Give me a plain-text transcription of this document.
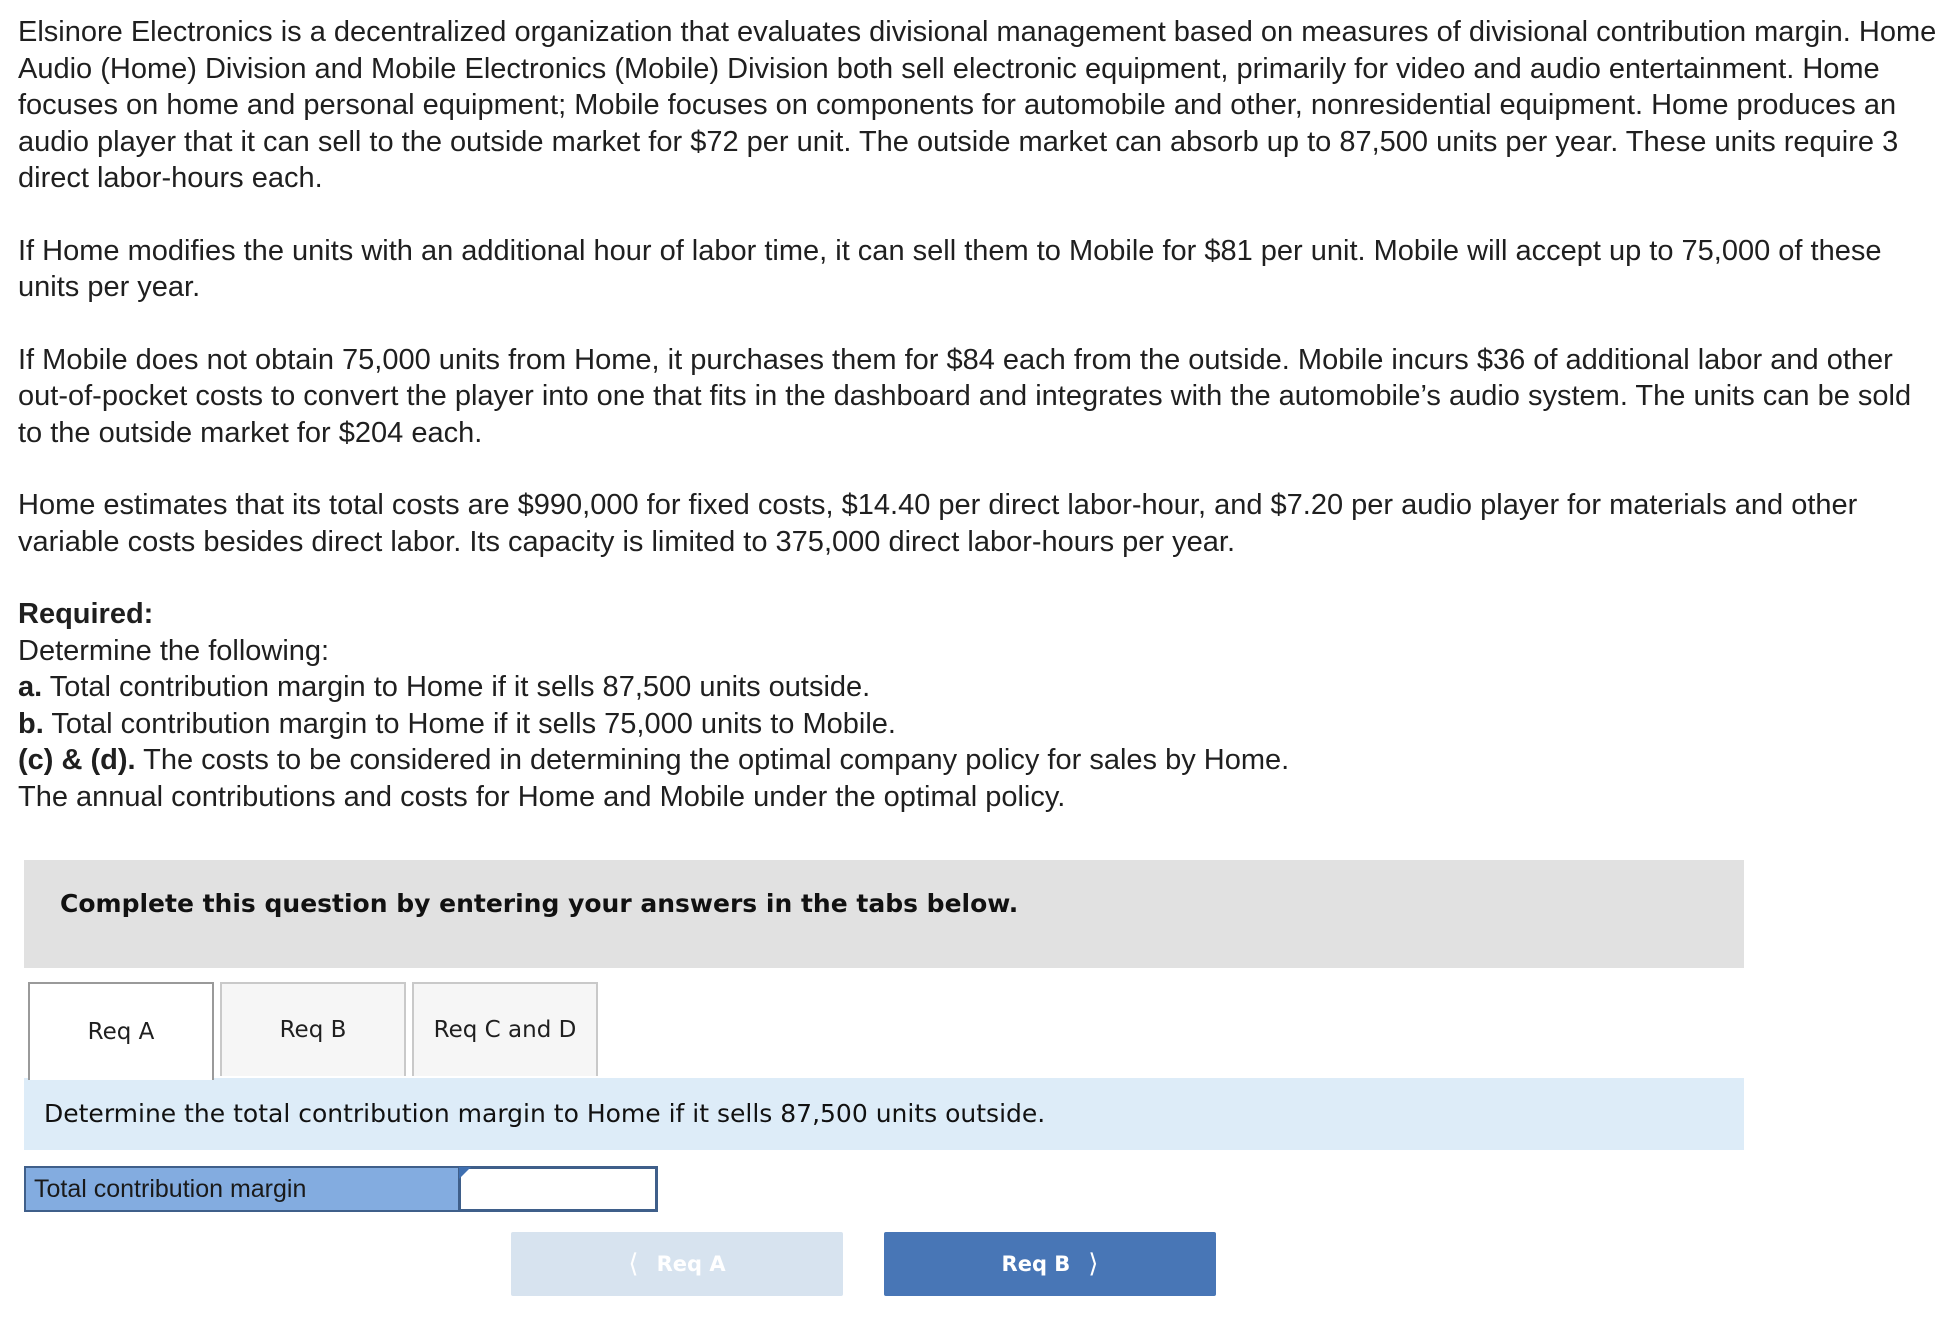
Elsinore Electronics is a decentralized organization that evaluates divisional management based on measures of divisional contribution margin. Home Audio (Home) Division and Mobile Electronics (Mobile) Division both sell electronic equipment, primarily for video and audio entertainment. Home focuses on home and personal equipment; Mobile focuses on components for automobile and other, nonresidential equipment. Home produces an audio player that it can sell to the outside market for $72 per unit. The outside market can absorb up to 87,500 units per year. These units require 3 direct labor-hours each.

If Home modifies the units with an additional hour of labor time, it can sell them to Mobile for $81 per unit. Mobile will accept up to 75,000 of these units per year.

If Mobile does not obtain 75,000 units from Home, it purchases them for $84 each from the outside. Mobile incurs $36 of additional labor and other out-of-pocket costs to convert the player into one that fits in the dashboard and integrates with the automobile’s audio system. The units can be sold to the outside market for $204 each.

Home estimates that its total costs are $990,000 for fixed costs, $14.40 per direct labor-hour, and $7.20 per audio player for materials and other variable costs besides direct labor. Its capacity is limited to 375,000 direct labor-hours per year.

Required:

Determine the following:

a. Total contribution margin to Home if it sells 87,500 units outside.

b. Total contribution margin to Home if it sells 75,000 units to Mobile.

(c) & (d). The costs to be considered in determining the optimal company policy for sales by Home.

The annual contributions and costs for Home and Mobile under the optimal policy.

Complete this question by entering your answers in the tabs below.
Req A	Req B	Req C and D
Determine the total contribution margin to Home if it sells 87,500 units outside.
Total contribution margin
⟨ Req A	Req B ⟩
